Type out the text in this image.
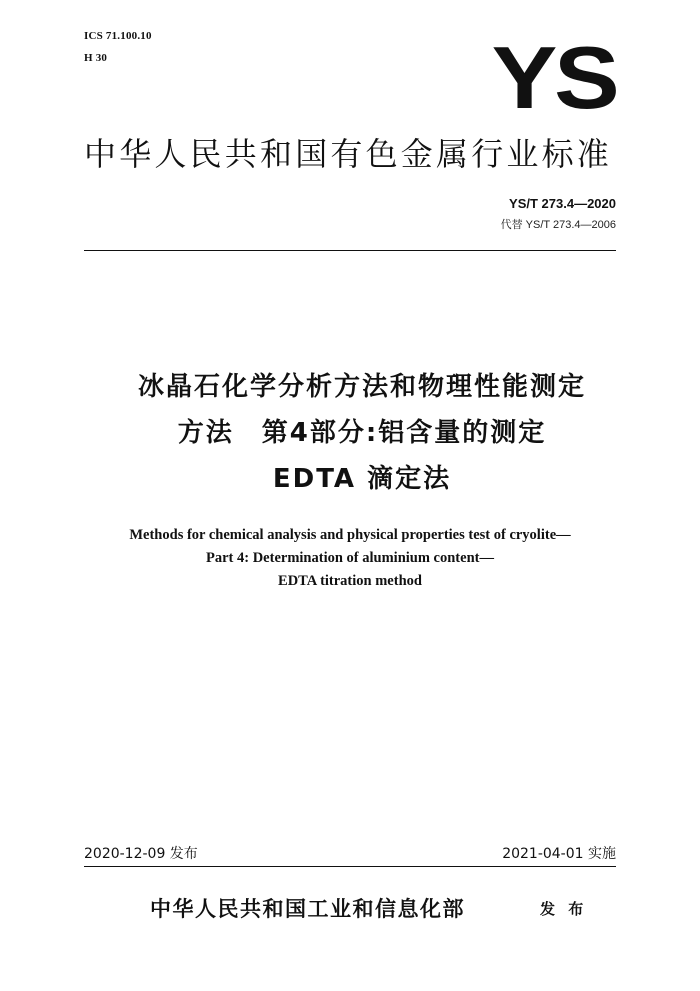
ICS 71.100.10
H 30	YS
中华人民共和国有色金属行业标准
YS/T 273.4—2020
代替 YS/T 273.4—2006
冰晶石化学分析方法和物理性能测定
方法　第4部分:铝含量的测定
EDTA 滴定法
Methods for chemical analysis and physical properties test of cryolite—
Part 4: Determination of aluminium content—
EDTA titration method
2020-12-09 发布	2021-04-01 实施
中华人民共和国工业和信息化部	发 布
